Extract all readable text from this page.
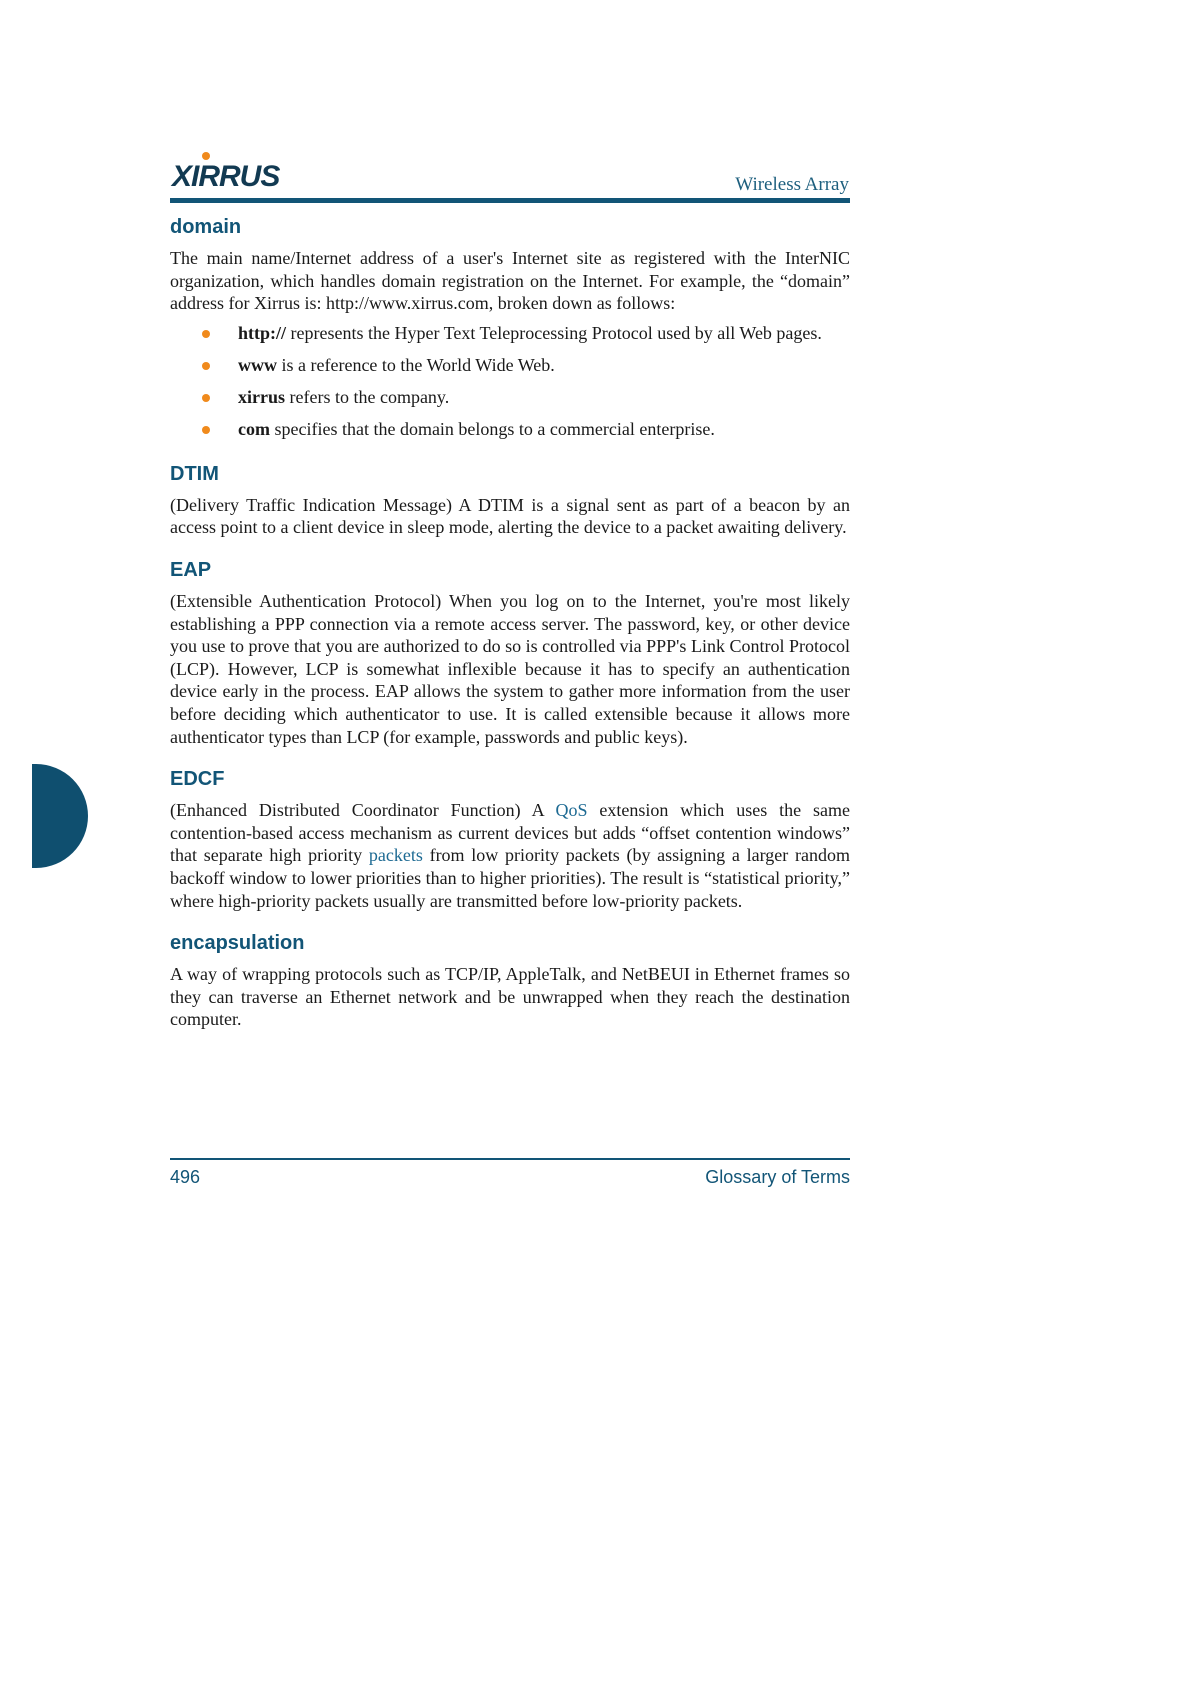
XIRRUS	Wireless Array
domain

The main name/Internet address of a user's Internet site as registered with the InterNIC organization, which handles domain registration on the Internet. For example, the “domain” address for Xirrus is: http://www.xirrus.com, broken down as follows:

http:// represents the Hyper Text Teleprocessing Protocol used by all Web pages.
www is a reference to the World Wide Web.
xirrus refers to the company.
com specifies that the domain belongs to a commercial enterprise.
DTIM

(Delivery Traffic Indication Message) A DTIM is a signal sent as part of a beacon by an access point to a client device in sleep mode, alerting the device to a packet awaiting delivery.

EAP

(Extensible Authentication Protocol) When you log on to the Internet, you're most likely establishing a PPP connection via a remote access server. The password, key, or other device you use to prove that you are authorized to do so is controlled via PPP's Link Control Protocol (LCP). However, LCP is somewhat inflexible because it has to specify an authentication device early in the process. EAP allows the system to gather more information from the user before deciding which authenticator to use. It is called extensible because it allows more authenticator types than LCP (for example, passwords and public keys).

EDCF

(Enhanced Distributed Coordinator Function) A QoS extension which uses the same contention-based access mechanism as current devices but adds “offset contention windows” that separate high priority packets from low priority packets (by assigning a larger random backoff window to lower priorities than to higher priorities). The result is “statistical priority,” where high-priority packets usually are transmitted before low-priority packets.

encapsulation

A way of wrapping protocols such as TCP/IP, AppleTalk, and NetBEUI in Ethernet frames so they can traverse an Ethernet network and be unwrapped when they reach the destination computer.

496	Glossary of Terms
